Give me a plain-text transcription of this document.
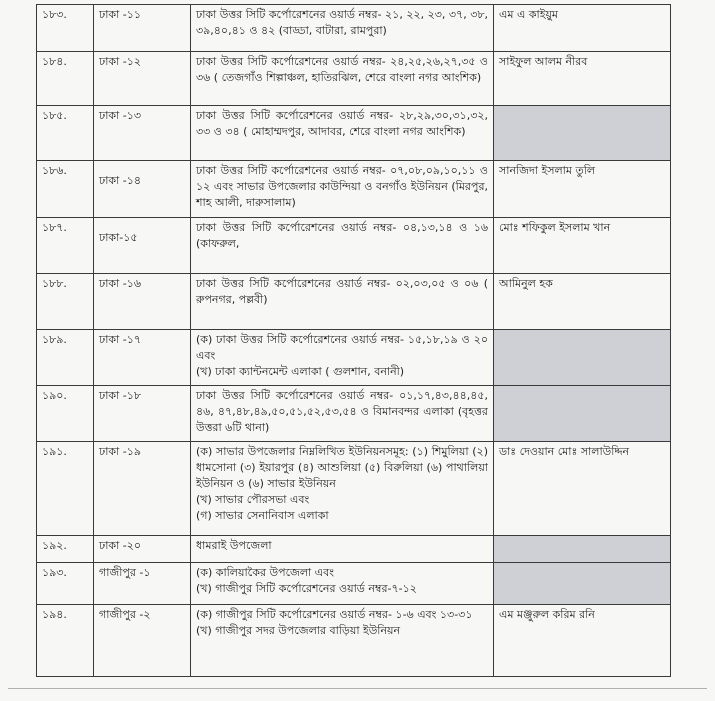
১৮৩.	ঢাকা -১১	ঢাকা উত্তর সিটি কর্পোরেশনের ওয়ার্ড নম্বর- ২১, ২২, ২৩, ৩৭, ৩৮, ৩৯,৪০,৪১ ও ৪২ (বাড্ডা, বাটারা, রামপুরা)	এম এ কাইয়ুম
১৮৪.	ঢাকা -১২	ঢাকা উত্তর সিটি কর্পোরেশনের ওয়ার্ড নম্বর- ২৪,২৫,২৬,২৭,৩৫ ও ৩৬ ( তেজগাঁও শিল্পাঞ্চল, হাতিরঝিল, শেরে বাংলা নগর আংশিক)	সাইফুল আলম নীরব
১৮৫.	ঢাকা -১৩	ঢাকা উত্তর সিটি কর্পোরেশনের ওয়ার্ড নম্বর- ২৮,২৯,৩০,৩১,৩২, ৩৩ ও ৩৪ ( মোহাম্মদপুর, আদাবর, শেরে বাংলা নগর আংশিক)	

১৮৬.	ঢাকা -১৪	ঢাকা উত্তর সিটি কর্পোরেশনের ওয়ার্ড নম্বর- ০৭,০৮,০৯,১০,১১ ও ১২ এবং সাভার উপজেলার কাউন্দিয়া ও বনগাঁও ইউনিয়ন (মিরপুর, শাহ আলী, দারুসালাম)	সানজিদা ইসলাম তুলি
১৮৭.	ঢাকা-১৫	ঢাকা উত্তর সিটি কর্পোরেশনের ওয়ার্ড নম্বর- ০৪,১৩,১৪ ও ১৬ (কাফরুল,	মোঃ শফিকুল ইসলাম খান
১৮৮.	ঢাকা -১৬	ঢাকা উত্তর সিটি কর্পোরেশনের ওয়ার্ড নম্বর- ০২,০৩,০৫ ও ০৬ ( রুপনগর, পল্লবী)	আমিনুল হক
১৮৯.	ঢাকা -১৭	(ক) ঢাকা উত্তর সিটি কর্পোরেশনের ওয়ার্ড নম্বর- ১৫,১৮,১৯ ও ২০ এবং
(খ) ঢাকা ক্যান্টনমেন্ট এলাকা ( গুলশান, বনানী)	

১৯০.	ঢাকা -১৮	ঢাকা উত্তর সিটি কর্পোরেশনের ওয়ার্ড নম্বর- ০১,১৭,৪৩,৪৪,৪৫, ৪৬, ৪৭,৪৮,৪৯,৫০,৫১,৫২,৫৩,৫৪ ও বিমানবন্দর এলাকা (বৃহত্তর উত্তরা ৬টি থানা)	

১৯১.	ঢাকা -১৯	(ক) সাভার উপজেলার নিম্নলিখিত ইউনিয়নসমূহ: (১) শিমুলিয়া (২) ধামসোনা (৩) ইয়ারপুর (৪) আশুলিয়া (৫) বিরুলিয়া (৬) পাথালিয়া ইউনিয়ন ও (৬) সাভার ইউনিয়ন
(খ) সাভার পৌরসভা এবং
(গ) সাভার সেনানিবাস এলাকা	ডাঃ দেওয়ান মোঃ সালাউদ্দিন
১৯২.	ঢাকা -২০	ধামরাই উপজেলা	

১৯৩.	গাজীপুর -১	(ক) কালিয়াকৈর উপজেলা এবং
(খ) গাজীপুর সিটি কর্পোরেশনের ওয়ার্ড নম্বর-৭-১২	

১৯৪.	গাজীপুর -২	(ক) গাজীপুর সিটি কর্পোরেশনের ওয়ার্ড নম্বর- ১-৬ এবং ১৩-৩১
(খ) গাজীপুর সদর উপজেলার বাড়িয়া ইউনিয়ন	এম মঞ্জুরুল করিম রনি
